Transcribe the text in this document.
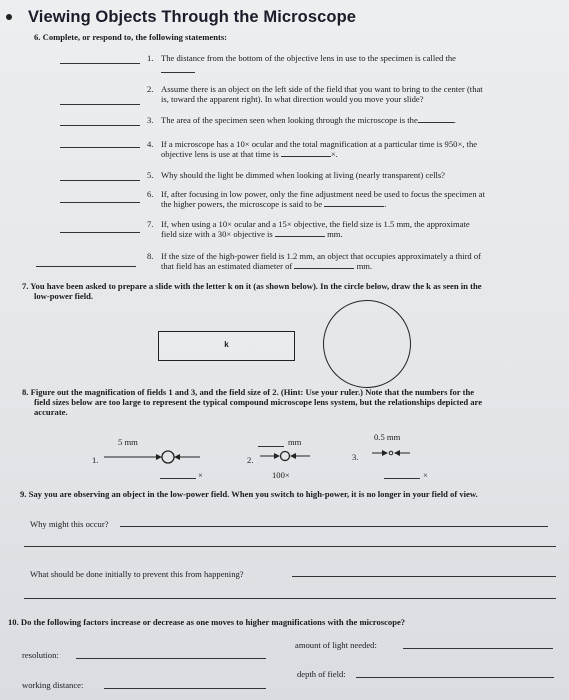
Viewing Objects Through the Microscope
6. Complete, or respond to, the following statements:
1. The distance from the bottom of the objective lens in use to the specimen is called the
2. Assume there is an object on the left side of the field that you want to bring to the center (that
is, toward the apparent right). In what direction would you move your slide?
3. The area of the specimen seen when looking through the microscope is the	.
4. If a microscope has a 10× ocular and the total magnification at a particular time is 950×, the
objective lens is use at that time is	×.
5. Why should the light be dimmed when looking at living (nearly transparent) cells?
6. If, after focusing in low power, only the fine adjustment need be used to focus the specimen at
the higher powers, the microscope is said to be	.
7. If, when using a 10× ocular and a 15× objective, the field size is 1.5 mm, the approximate
field size with a 30× objective is	mm.
8. If the size of the high-power field is 1.2 mm, an object that occupies approximately a third of
that field has an estimated diameter of	mm.
7. You have been asked to prepare a slide with the letter k on it (as shown below). In the circle below, draw the k as seen in the
low-power field.
k
8. Figure out the magnification of fields 1 and 3, and the field size of 2. (Hint: Use your ruler.) Note that the numbers for the
field sizes below are too large to represent the typical compound microscope lens system, but the relationships depicted are
accurate.
5 mm
1.
×
mm
2.
100×
0.5 mm
3.
×
9. Say you are observing an object in the low-power field. When you switch to high-power, it is no longer in your field of view.
Why might this occur?
What should be done initially to prevent this from happening?
10. Do the following factors increase or decrease as one moves to higher magnifications with the microscope?
amount of light needed:
resolution:
depth of field:
working distance:
